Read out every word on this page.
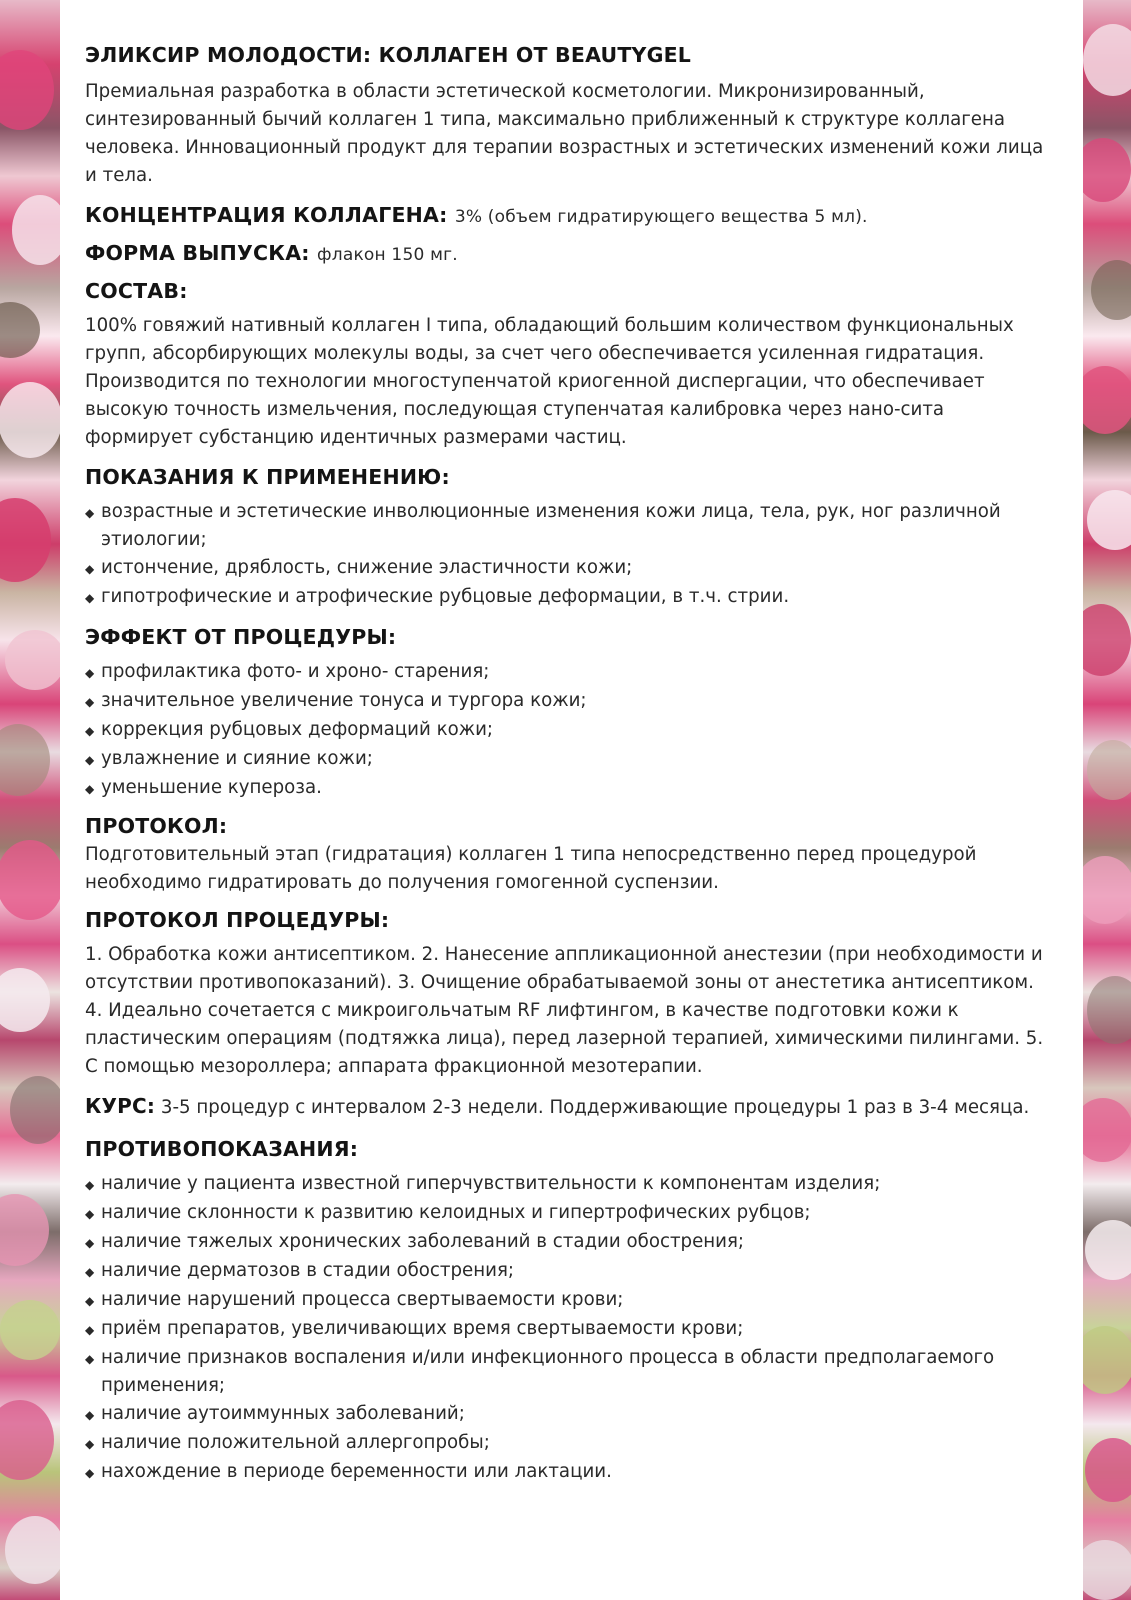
ЭЛИКСИР МОЛОДОСТИ: КОЛЛАГЕН ОТ BEAUTYGEL
Премиальная разработка в области эстетической косметологии. Микронизированный, синтезированный бычий коллаген 1 типа, максимально приближенный к структуре коллагена человека. Инновационный продукт для терапии возрастных и эстетических изменений кожи лица и тела.
КОНЦЕНТРАЦИЯ КОЛЛАГЕНА: 3% (объем гидратирующего вещества 5 мл).
ФОРМА ВЫПУСКА: флакон 150 мг.
СОСТАВ:
100% говяжий нативный коллаген I типа, обладающий большим количеством функциональных групп, абсорбирующих молекулы воды, за счет чего обеспечивается усиленная гидратация.
Производится по технологии многоступенчатой криогенной диспергации, что обеспечивает высокую точность измельчения, последующая ступенчатая калибровка через нано-сита формирует субстанцию идентичных размерами частиц.
ПОКАЗАНИЯ К ПРИМЕНЕНИЮ:
◆ возрастные и эстетические инволюционные изменения кожи лица, тела, рук, ног различной этиологии;
◆ истончение, дряблость, снижение эластичности кожи;
◆ гипотрофические и атрофические рубцовые деформации, в т.ч. стрии.
ЭФФЕКТ ОТ ПРОЦЕДУРЫ:
◆ профилактика фото- и хроно- старения;
◆ значительное увеличение тонуса и тургора кожи;
◆ коррекция рубцовых деформаций кожи;
◆ увлажнение и сияние кожи;
◆ уменьшение купероза.
ПРОТОКОЛ:
Подготовительный этап (гидратация) коллаген 1 типа непосредственно перед процедурой необходимо гидратировать до получения гомогенной суспензии.
ПРОТОКОЛ ПРОЦЕДУРЫ:
1. Обработка кожи антисептиком. 2. Нанесение аппликационной анестезии (при необходимости и отсутствии противопоказаний). 3. Очищение обрабатываемой зоны от анестетика антисептиком. 4. Идеально сочетается с микроигольчатым RF лифтингом, в качестве подготовки кожи к пластическим операциям (подтяжка лица), перед лазерной терапией, химическими пилингами. 5. С помощью мезороллера; аппарата фракционной мезотерапии.
КУРС: 3-5 процедур с интервалом 2-3 недели. Поддерживающие процедуры 1 раз в 3-4 месяца.
ПРОТИВОПОКАЗАНИЯ:
◆ наличие у пациента известной гиперчувствительности к компонентам изделия;
◆ наличие склонности к развитию келоидных и гипертрофических рубцов;
◆ наличие тяжелых хронических заболеваний в стадии обострения;
◆ наличие дерматозов в стадии обострения;
◆ наличие нарушений процесса свертываемости крови;
◆ приём препаратов, увеличивающих время свертываемости крови;
◆ наличие признаков воспаления и/или инфекционного процесса в области предполагаемого применения;
◆ наличие аутоиммунных заболеваний;
◆ наличие положительной аллергопробы;
◆ нахождение в периоде беременности или лактации.
